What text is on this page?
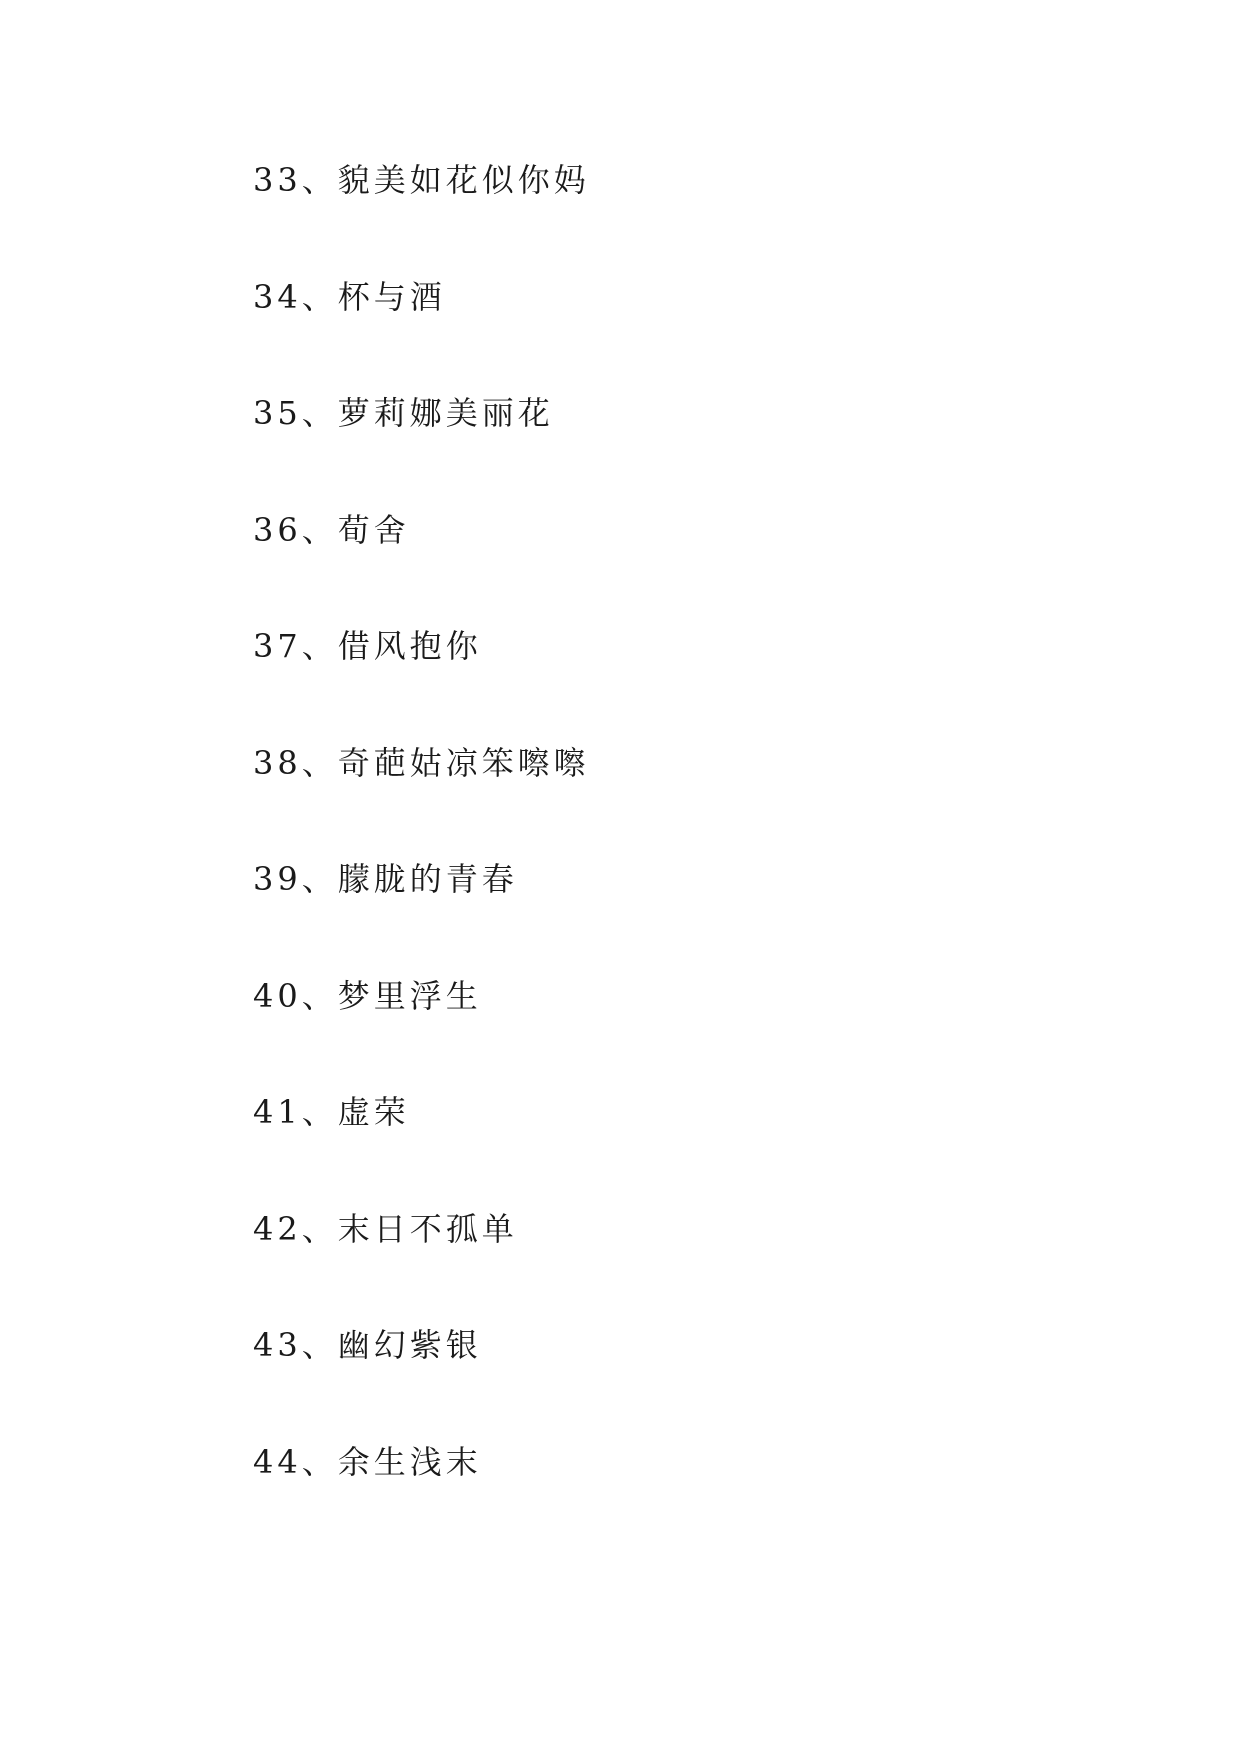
33、貌美如花似你妈
34、杯与酒
35、萝莉娜美丽花
36、荀舍
37、借风抱你
38、奇葩姑凉笨嚓嚓
39、朦胧的青春
40、梦里浮生
41、虚荣
42、末日不孤单
43、幽幻紫银
44、余生浅末
